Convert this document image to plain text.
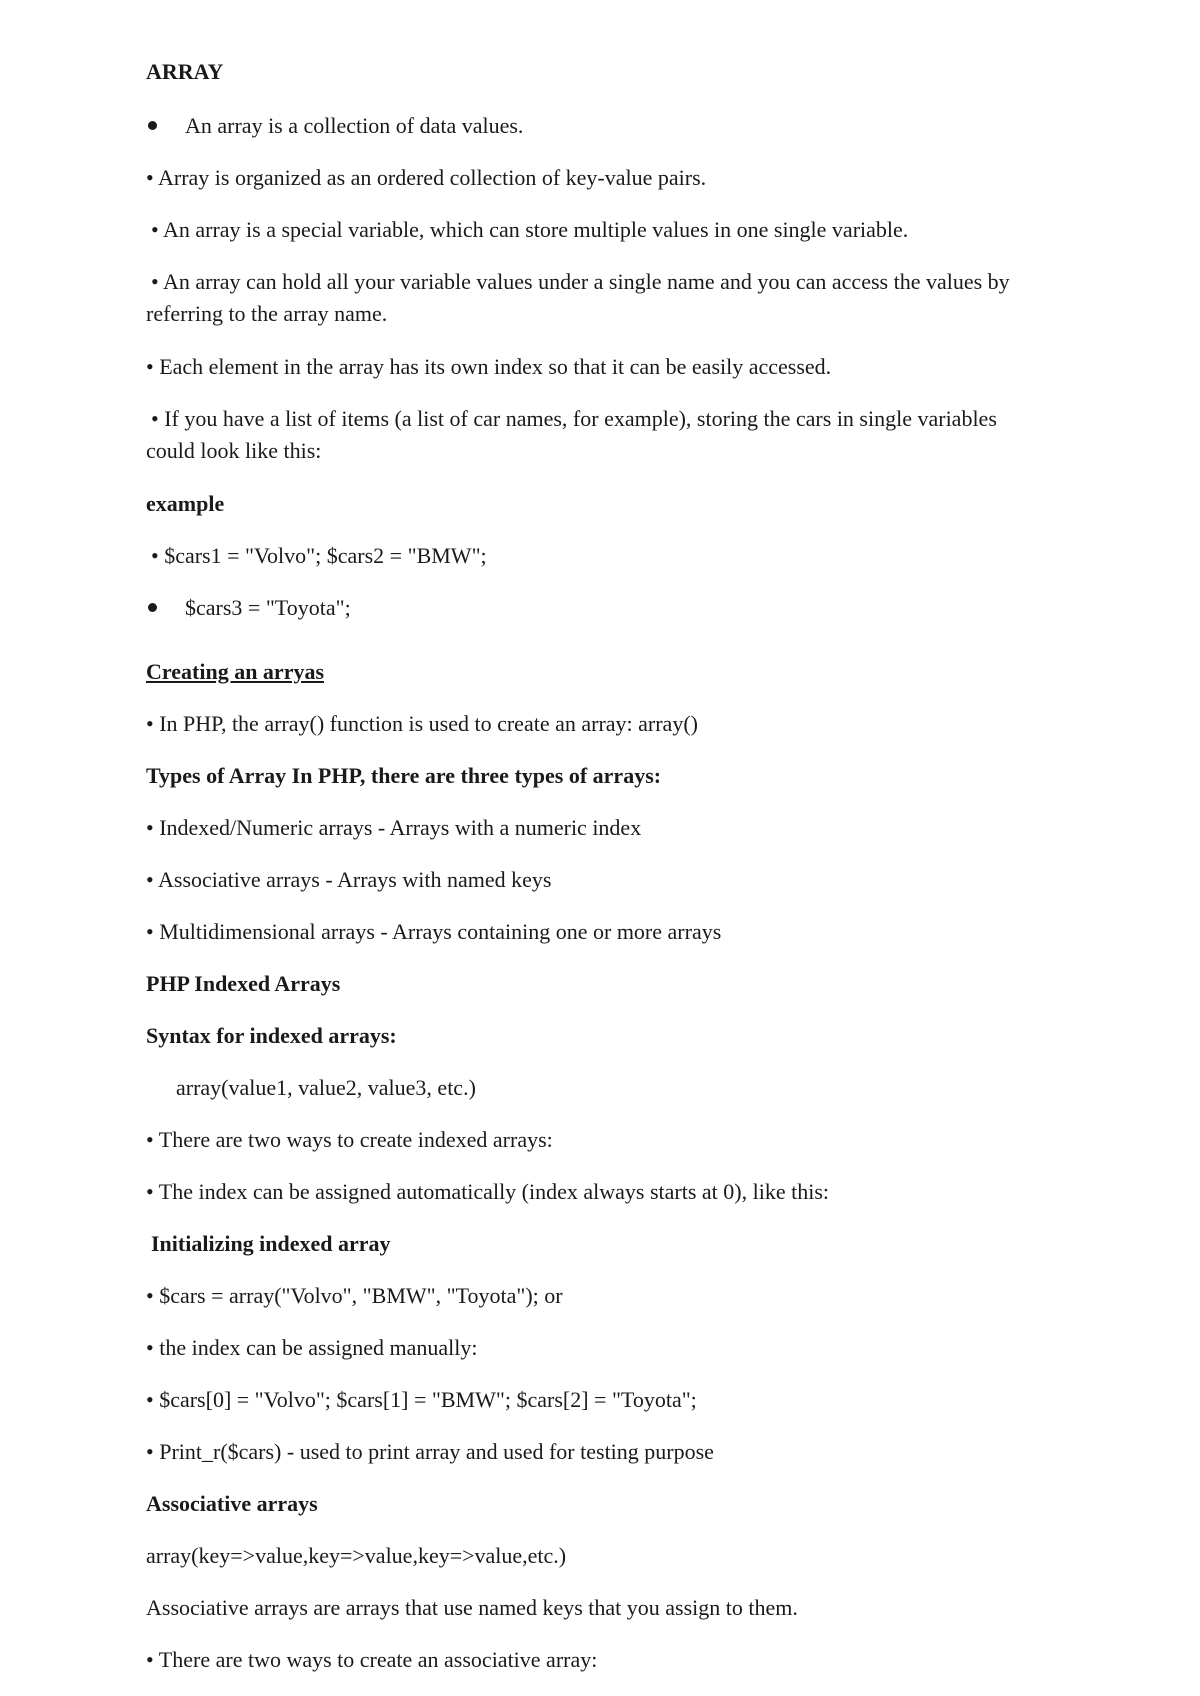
ARRAY
An array is a collection of data values.
• Array is organized as an ordered collection of key-value pairs.
• An array is a special variable, which can store multiple values in one single variable.
• An array can hold all your variable values under a single name and you can access the values by referring to the array name.
• Each element in the array has its own index so that it can be easily accessed.
• If you have a list of items (a list of car names, for example), storing the cars in single variables could look like this:
example
• $cars1 = "Volvo"; $cars2 = "BMW";
$cars3 = "Toyota";
Creating an arryas
• In PHP, the array() function is used to create an array: array()
Types of Array In PHP, there are three types of arrays:
• Indexed/Numeric arrays - Arrays with a numeric index
• Associative arrays - Arrays with named keys
• Multidimensional arrays - Arrays containing one or more arrays
PHP Indexed Arrays
Syntax for indexed arrays:
array(value1, value2, value3, etc.)
• There are two ways to create indexed arrays:
• The index can be assigned automatically (index always starts at 0), like this:
Initializing indexed array
• $cars = array("Volvo", "BMW", "Toyota"); or
• the index can be assigned manually:
• $cars[0] = "Volvo"; $cars[1] = "BMW"; $cars[2] = "Toyota";
• Print_r($cars) - used to print array and used for testing purpose
Associative arrays
array(key=>value,key=>value,key=>value,etc.)
Associative arrays are arrays that use named keys that you assign to them.
• There are two ways to create an associative array:
